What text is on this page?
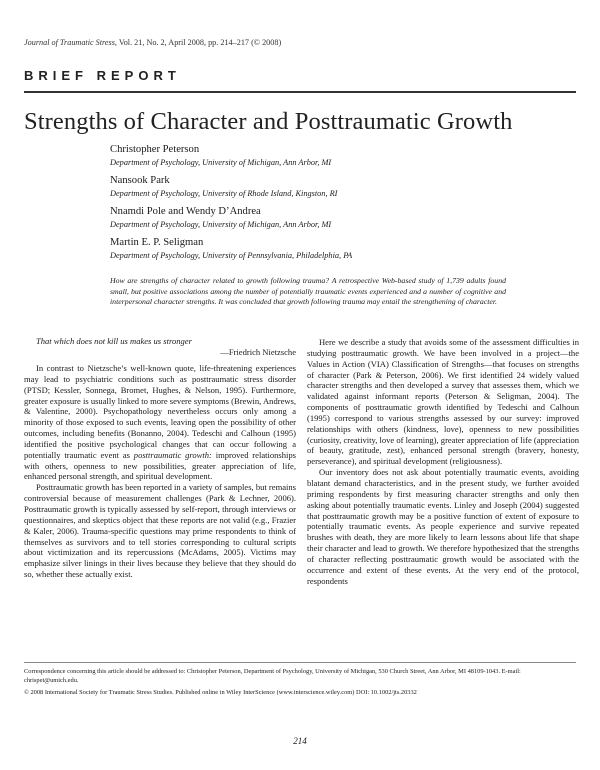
Journal of Traumatic Stress, Vol. 21, No. 2, April 2008, pp. 214–217 (© 2008)
BRIEF REPORT
Strengths of Character and Posttraumatic Growth
Christopher Peterson
Department of Psychology, University of Michigan, Ann Arbor, MI
Nansook Park
Department of Psychology, University of Rhode Island, Kingston, RI
Nnamdi Pole and Wendy D’Andrea
Department of Psychology, University of Michigan, Ann Arbor, MI
Martin E. P. Seligman
Department of Psychology, University of Pennsylvania, Philadelphia, PA
How are strengths of character related to growth following trauma? A retrospective Web-based study of 1,739 adults found small, but positive associations among the number of potentially traumatic events experienced and a number of cognitive and interpersonal character strengths. It was concluded that growth following trauma may entail the strengthening of character.
That which does not kill us makes us stronger
—Friedrich Nietzsche

In contrast to Nietzsche’s well-known quote, life-threatening experiences may lead to psychiatric conditions such as posttraumatic stress disorder (PTSD; Kessler, Sonnega, Bromet, Hughes, & Nelson, 1995). Furthermore, greater exposure is usually linked to more severe symptoms (Brewin, Andrews, & Valentine, 2000). Psychopathology nevertheless occurs only among a minority of those exposed to such events, leaving open the possibility of other outcomes, including benefits (Bonanno, 2004). Tedeschi and Calhoun (1995) identified the positive psychological changes that can occur following a potentially traumatic event as posttraumatic growth: improved relationships with others, openness to new possibilities, greater appreciation of life, enhanced personal strength, and spiritual development.

Posttraumatic growth has been reported in a variety of samples, but remains controversial because of measurement challenges (Park & Lechner, 2006). Posttraumatic growth is typically assessed by self-report, through interviews or questionnaires, and skeptics object that these reports are not valid (e.g., Frazier & Kaler, 2006). Trauma-specific questions may prime respondents to think of themselves as survivors and to tell stories corresponding to cultural scripts about victimization and its repercussions (McAdams, 2005). Victims may emphasize silver linings in their lives because they believe that they should do so, whether these actually exist.

Here we describe a study that avoids some of the assessment difficulties in studying posttraumatic growth. We have been involved in a project—the Values in Action (VIA) Classification of Strengths—that focuses on strengths of character (Park & Peterson, 2006). We first identified 24 widely valued character strengths and then developed a survey that assesses them, which we validated against informant reports (Peterson & Seligman, 2004). The components of posttraumatic growth identified by Tedeschi and Calhoun (1995) correspond to various strengths assessed by our survey: improved relationships with others (kindness, love), openness to new possibilities (curiosity, creativity, love of learning), greater appreciation of life (appreciation of beauty, gratitude, zest), enhanced personal strength (bravery, honesty, perseverance), and spiritual development (religiousness).

Our inventory does not ask about potentially traumatic events, avoiding blatant demand characteristics, and in the present study, we further avoided priming respondents by first measuring character strengths and only then asking about potentially traumatic events. Linley and Joseph (2004) suggested that posttraumatic growth may be a positive function of extent of exposure to potentially traumatic events. As people experience and survive repeated brushes with death, they are more likely to learn lessons about life that shape their character and lead to growth. We therefore hypothesized that the strengths of character reflecting posttraumatic growth would be associated with the occurrence and extent of these events. At the very end of the protocol, respondents

Correspondence concerning this article should be addressed to: Christopher Peterson, Department of Psychology, University of Michigan, 530 Church Street, Ann Arbor, MI 48109-1043. E-mail: chrispet@umich.edu.
© 2008 International Society for Traumatic Stress Studies. Published online in Wiley InterScience (www.interscience.wiley.com) DOI: 10.1002/jts.20332
214
